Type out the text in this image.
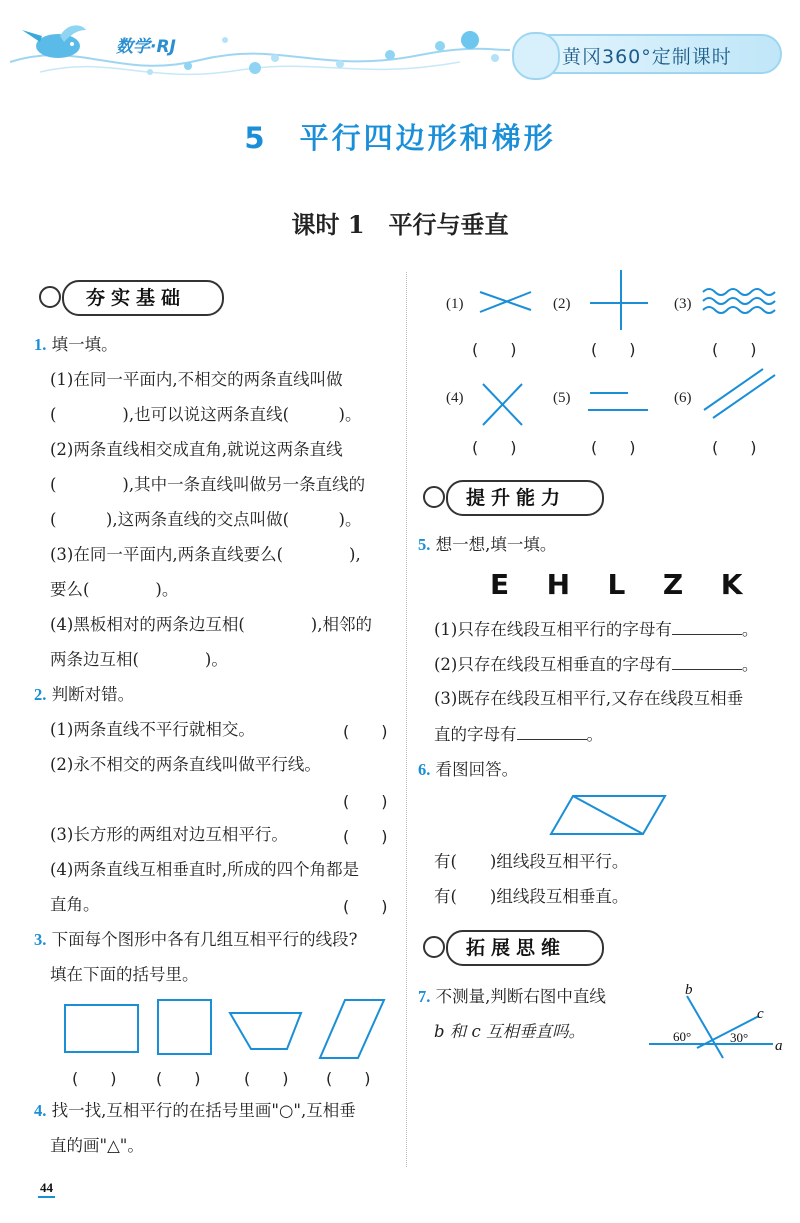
数学·RJ	黄冈360°定制课时
5　平行四边形和梯形
课时 1　平行与垂直
夯实基础
1. 填一填。
(1)在同一平面内,不相交的两条直线叫做
(　　　　),也可以说这两条直线(　　　)。
(2)两条直线相交成直角,就说这两条直线
(　　　　),其中一条直线叫做另一条直线的
(　　　),这两条直线的交点叫做(　　　)。
(3)在同一平面内,两条直线要么(　　　　),
要么(　　　　)。
(4)黑板相对的两条边互相(　　　　),相邻的
两条边互相(　　　　)。
2. 判断对错。
(1)两条直线不平行就相交。	(　　)
(2)永不相交的两条直线叫做平行线。
(　　)
(3)长方形的两组对边互相平行。	(　　)
(4)两条直线互相垂直时,所成的四个角都是
直角。	(　　)
3. 下面每个图形中各有几组互相平行的线段?
填在下面的括号里。
(　　) (　　)	(　　) (　　)
4. 找一找,互相平行的在括号里画"○",互相垂
直的画"△"。
44
(1)	(2)	(3)
(4)	(5)	(6)
(　　)	(　　)	(　　)
(　　)	(　　)	(　　)
提升能力
5. 想一想,填一填。
E  H  L  Z  K
(1)只存在线段互相平行的字母有	。
(2)只存在线段互相垂直的字母有	。
(3)既存在线段互相平行,又存在线段互相垂
直的字母有	。
6. 看图回答。
有(　　)组线段互相平行。
有(　　)组线段互相垂直。
拓展思维
7. 不测量,判断右图中直线
b 和 c 互相垂直吗。
b
c
a
60°	30°
